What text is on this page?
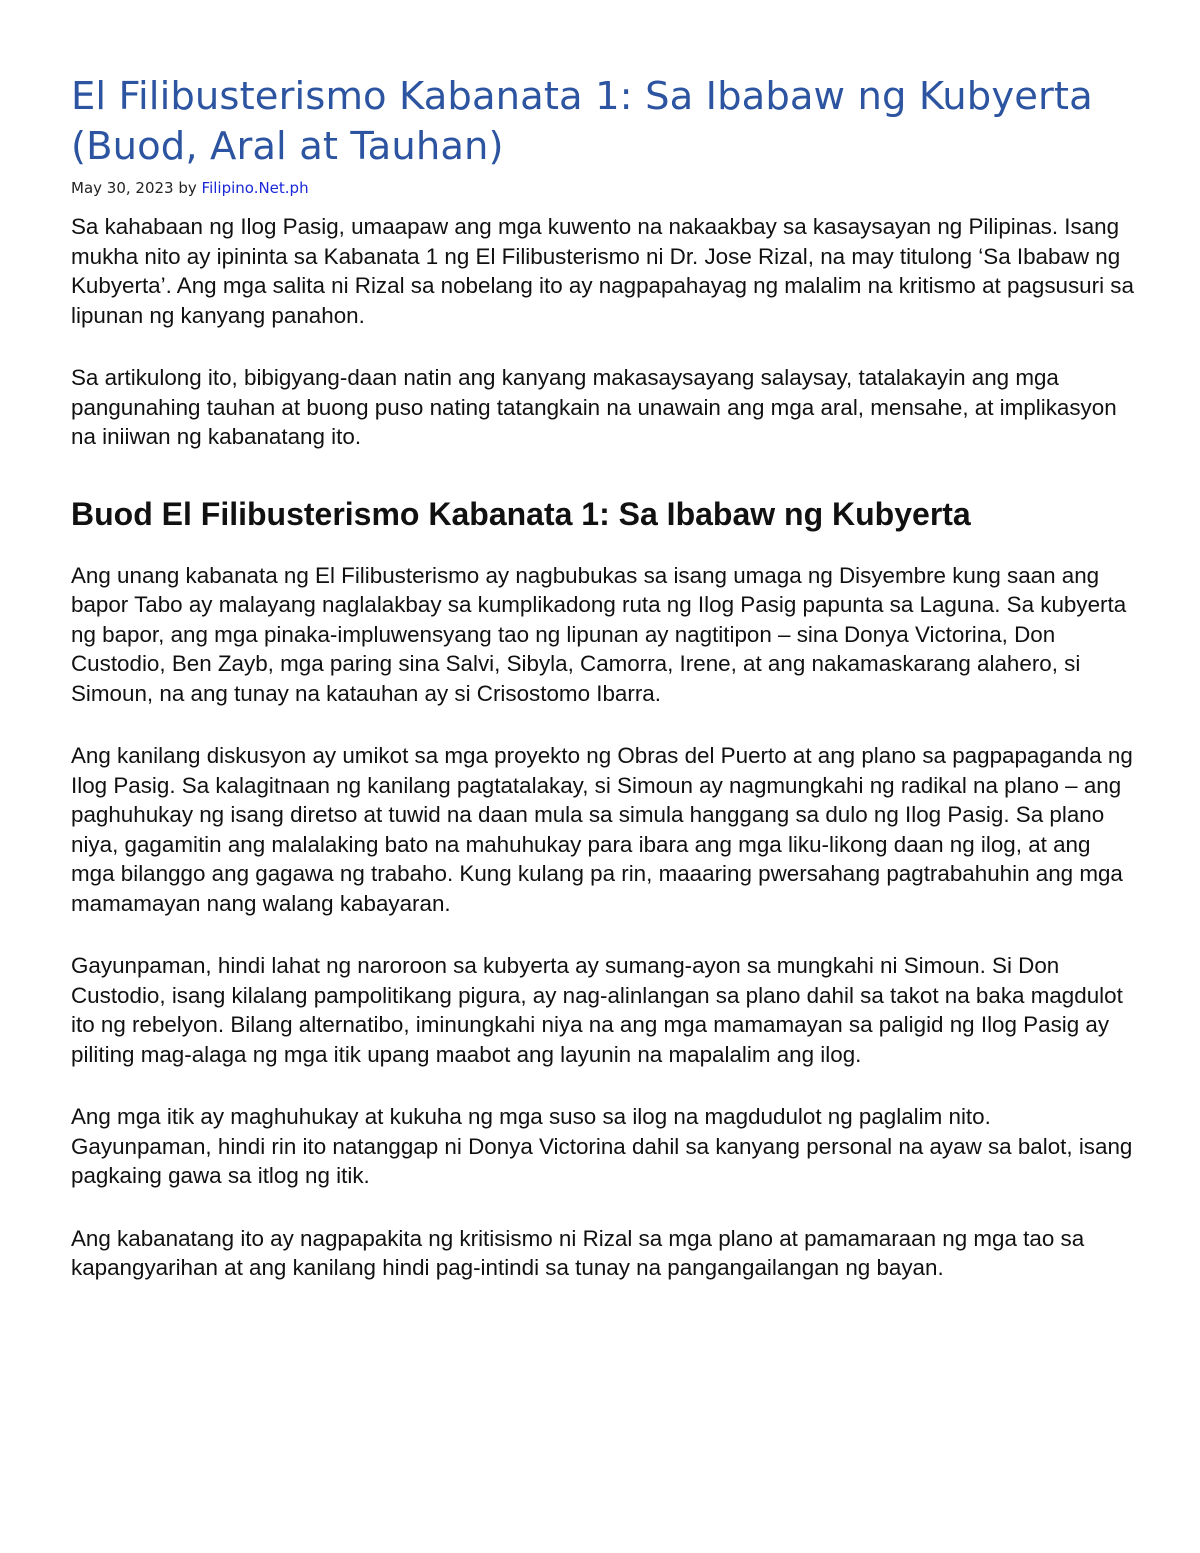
El Filibusterismo Kabanata 1: Sa Ibabaw ng Kubyerta (Buod, Aral at Tauhan)
May 30, 2023 by Filipino.Net.ph

Sa kahabaan ng Ilog Pasig, umaapaw ang mga kuwento na nakaakbay sa kasaysayan ng Pilipinas. Isang mukha nito ay ipininta sa Kabanata 1 ng El Filibusterismo ni Dr. Jose Rizal, na may titulong ‘Sa Ibabaw ng Kubyerta’. Ang mga salita ni Rizal sa nobelang ito ay nagpapahayag ng malalim na kritismo at pagsusuri sa lipunan ng kanyang panahon.

Sa artikulong ito, bibigyang-daan natin ang kanyang makasaysayang salaysay, tatalakayin ang mga pangunahing tauhan at buong puso nating tatangkain na unawain ang mga aral, mensahe, at implikasyon na iniiwan ng kabanatang ito.

Buod El Filibusterismo Kabanata 1: Sa Ibabaw ng Kubyerta

Ang unang kabanata ng El Filibusterismo ay nagbubukas sa isang umaga ng Disyembre kung saan ang bapor Tabo ay malayang naglalakbay sa kumplikadong ruta ng Ilog Pasig papunta sa Laguna. Sa kubyerta ng bapor, ang mga pinaka-impluwensyang tao ng lipunan ay nagtitipon – sina Donya Victorina, Don Custodio, Ben Zayb, mga paring sina Salvi, Sibyla, Camorra, Irene, at ang nakamaskarang alahero, si Simoun, na ang tunay na katauhan ay si Crisostomo Ibarra.

Ang kanilang diskusyon ay umikot sa mga proyekto ng Obras del Puerto at ang plano sa pagpapaganda ng Ilog Pasig. Sa kalagitnaan ng kanilang pagtatalakay, si Simoun ay nagmungkahi ng radikal na plano – ang paghuhukay ng isang diretso at tuwid na daan mula sa simula hanggang sa dulo ng Ilog Pasig. Sa plano niya, gagamitin ang malalaking bato na mahuhukay para ibara ang mga liku-likong daan ng ilog, at ang mga bilanggo ang gagawa ng trabaho. Kung kulang pa rin, maaaring pwersahang pagtrabahuhin ang mga mamamayan nang walang kabayaran.

Gayunpaman, hindi lahat ng naroroon sa kubyerta ay sumang-ayon sa mungkahi ni Simoun. Si Don Custodio, isang kilalang pampolitikang pigura, ay nag-alinlangan sa plano dahil sa takot na baka magdulot ito ng rebelyon. Bilang alternatibo, iminungkahi niya na ang mga mamamayan sa paligid ng Ilog Pasig ay piliting mag-alaga ng mga itik upang maabot ang layunin na mapalalim ang ilog.

Ang mga itik ay maghuhukay at kukuha ng mga suso sa ilog na magdudulot ng paglalim nito. Gayunpaman, hindi rin ito natanggap ni Donya Victorina dahil sa kanyang personal na ayaw sa balot, isang pagkaing gawa sa itlog ng itik.

Ang kabanatang ito ay nagpapakita ng kritisismo ni Rizal sa mga plano at pamamaraan ng mga tao sa kapangyarihan at ang kanilang hindi pag-intindi sa tunay na pangangailangan ng bayan.
